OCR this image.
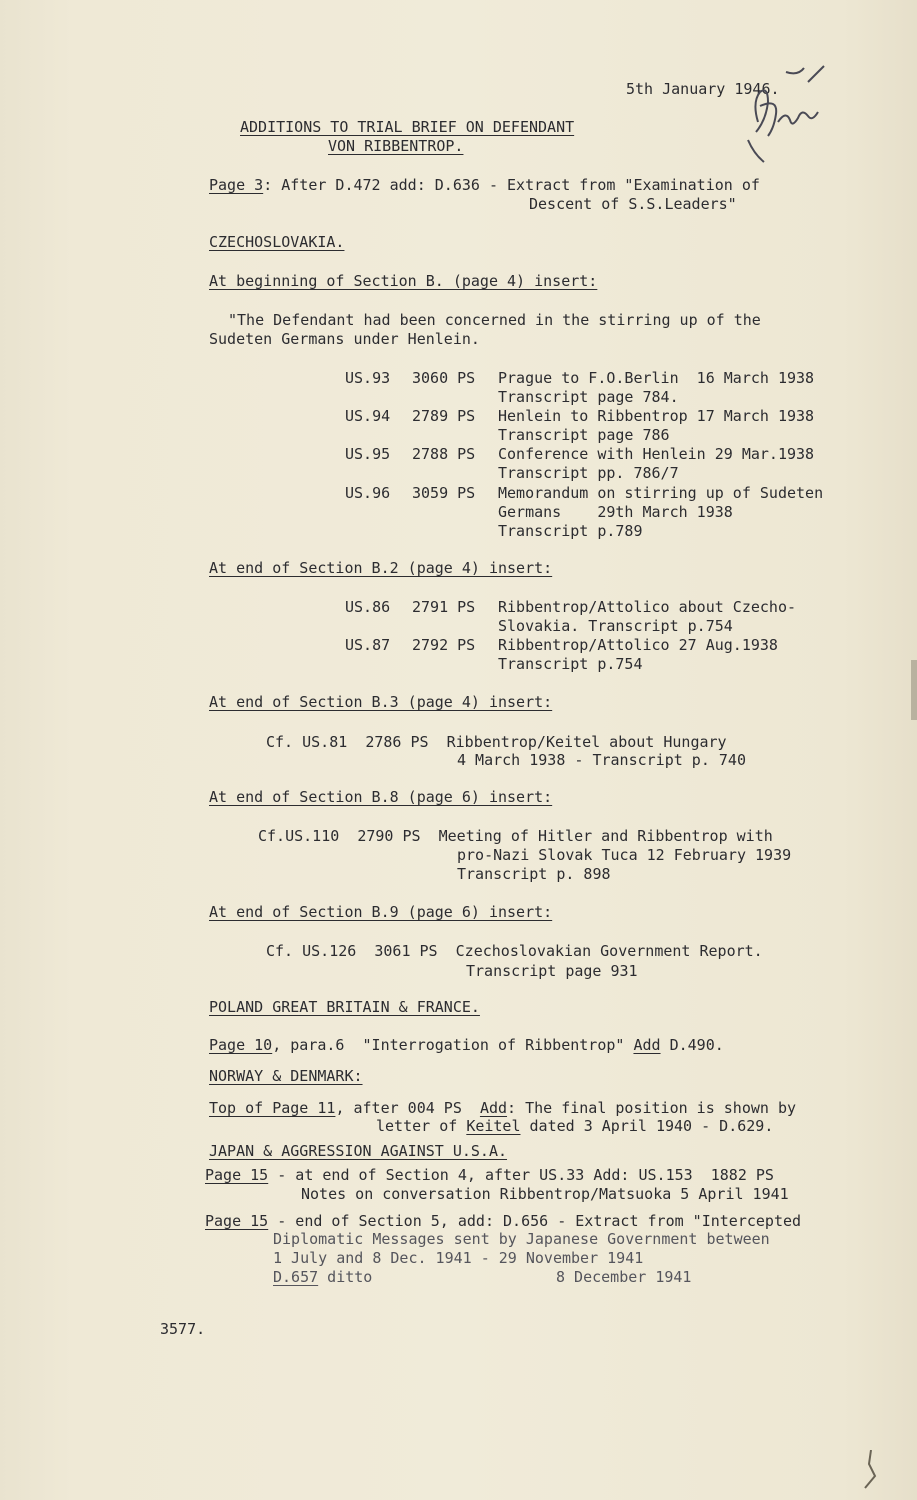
5th January 1946.
ADDITIONS TO TRIAL BRIEF ON DEFENDANT
VON RIBBENTROP.
Page 3: After D.472 add: D.636 - Extract from "Examination of
Descent of S.S.Leaders"
CZECHOSLOVAKIA.
At beginning of Section B. (page 4) insert:
"The Defendant had been concerned in the stirring up of the
Sudeten Germans under Henlein.
US.93 3060 PS Prague to F.O.Berlin  16 March 1938
Transcript page 784.
US.94 2789 PS Henlein to Ribbentrop 17 March 1938
Transcript page 786
US.95 2788 PS Conference with Henlein 29 Mar.1938
Transcript pp. 786/7
US.96 3059 PS Memorandum on stirring up of Sudeten
Germans    29th March 1938
Transcript p.789
At end of Section B.2 (page 4) insert:
US.86 2791 PS Ribbentrop/Attolico about Czecho-
Slovakia. Transcript p.754
US.87 2792 PS Ribbentrop/Attolico 27 Aug.1938
Transcript p.754
At end of Section B.3 (page 4) insert:
Cf. US.81  2786 PS  Ribbentrop/Keitel about Hungary
4 March 1938 - Transcript p. 740
At end of Section B.8 (page 6) insert:
Cf.US.110  2790 PS  Meeting of Hitler and Ribbentrop with
pro-Nazi Slovak Tuca 12 February 1939
Transcript p. 898
At end of Section B.9 (page 6) insert:
Cf. US.126  3061 PS  Czechoslovakian Government Report.
Transcript page 931
POLAND GREAT BRITAIN & FRANCE.
Page 10, para.6  "Interrogation of Ribbentrop" Add D.490.
NORWAY & DENMARK:
Top of Page 11, after 004 PS  Add: The final position is shown by
letter of Keitel dated 3 April 1940 - D.629.
JAPAN & AGGRESSION AGAINST U.S.A.
Page 15 - at end of Section 4, after US.33 Add: US.153  1882 PS
Notes on conversation Ribbentrop/Matsuoka 5 April 1941
Page 15 - end of Section 5, add: D.656 - Extract from "Intercepted
Diplomatic Messages sent by Japanese Government between
1 July and 8 Dec. 1941 - 29 November 1941
D.657 ditto	8 December 1941
3577.
